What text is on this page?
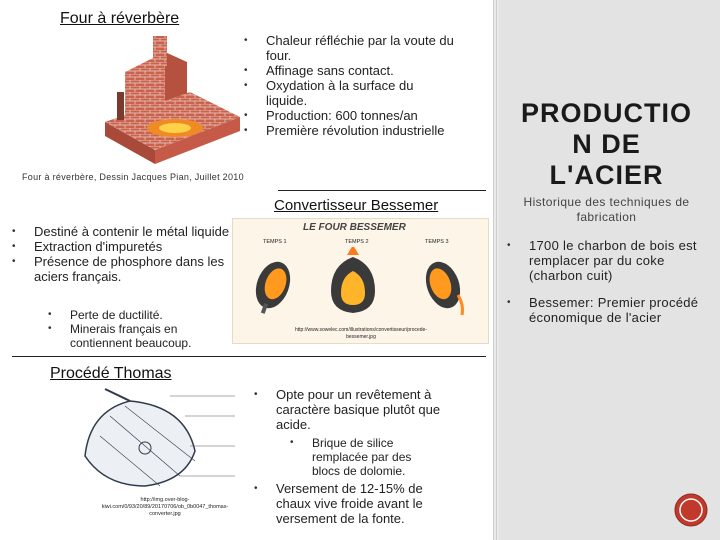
Four à réverbère
Four à réverbère, Dessin Jacques Pian, Juillet 2010
• Chaleur réfléchie par la voute du four.
• Affinage sans contact.
• Oxydation à la surface du liquide.
• Production: 600 tonnes/an
• Première révolution industrielle
Convertisseur Bessemer
• Destiné à contenir le métal liquide
• Extraction d'impuretés
• Présence de phosphore dans les aciers français.
• Perte de ductilité.
• Minerais français en contiennent beaucoup.
LE FOUR BESSEMER
TEMPS 1	TEMPS 2	TEMPS 3
http://www.sowelec.com/illustrations/convertisseur/procede-bessemer.jpg
Procédé Thomas
http://img.over-blog-kiwi.com/0/93/20/89/20170706/ob_0b0047_thomas-converter.jpg
• Opte pour un revêtement à caractère basique plutôt que acide.
• Brique de silice remplacée par des blocs de dolomie.
• Versement de 12-15% de chaux vive froide avant le versement de la fonte.
PRODUCTIO
N DE
L'ACIER
Historique des techniques de fabrication
• 1700 le charbon de bois est remplacer par du coke (charbon cuit)
• Bessemer: Premier procédé économique de l'acier
